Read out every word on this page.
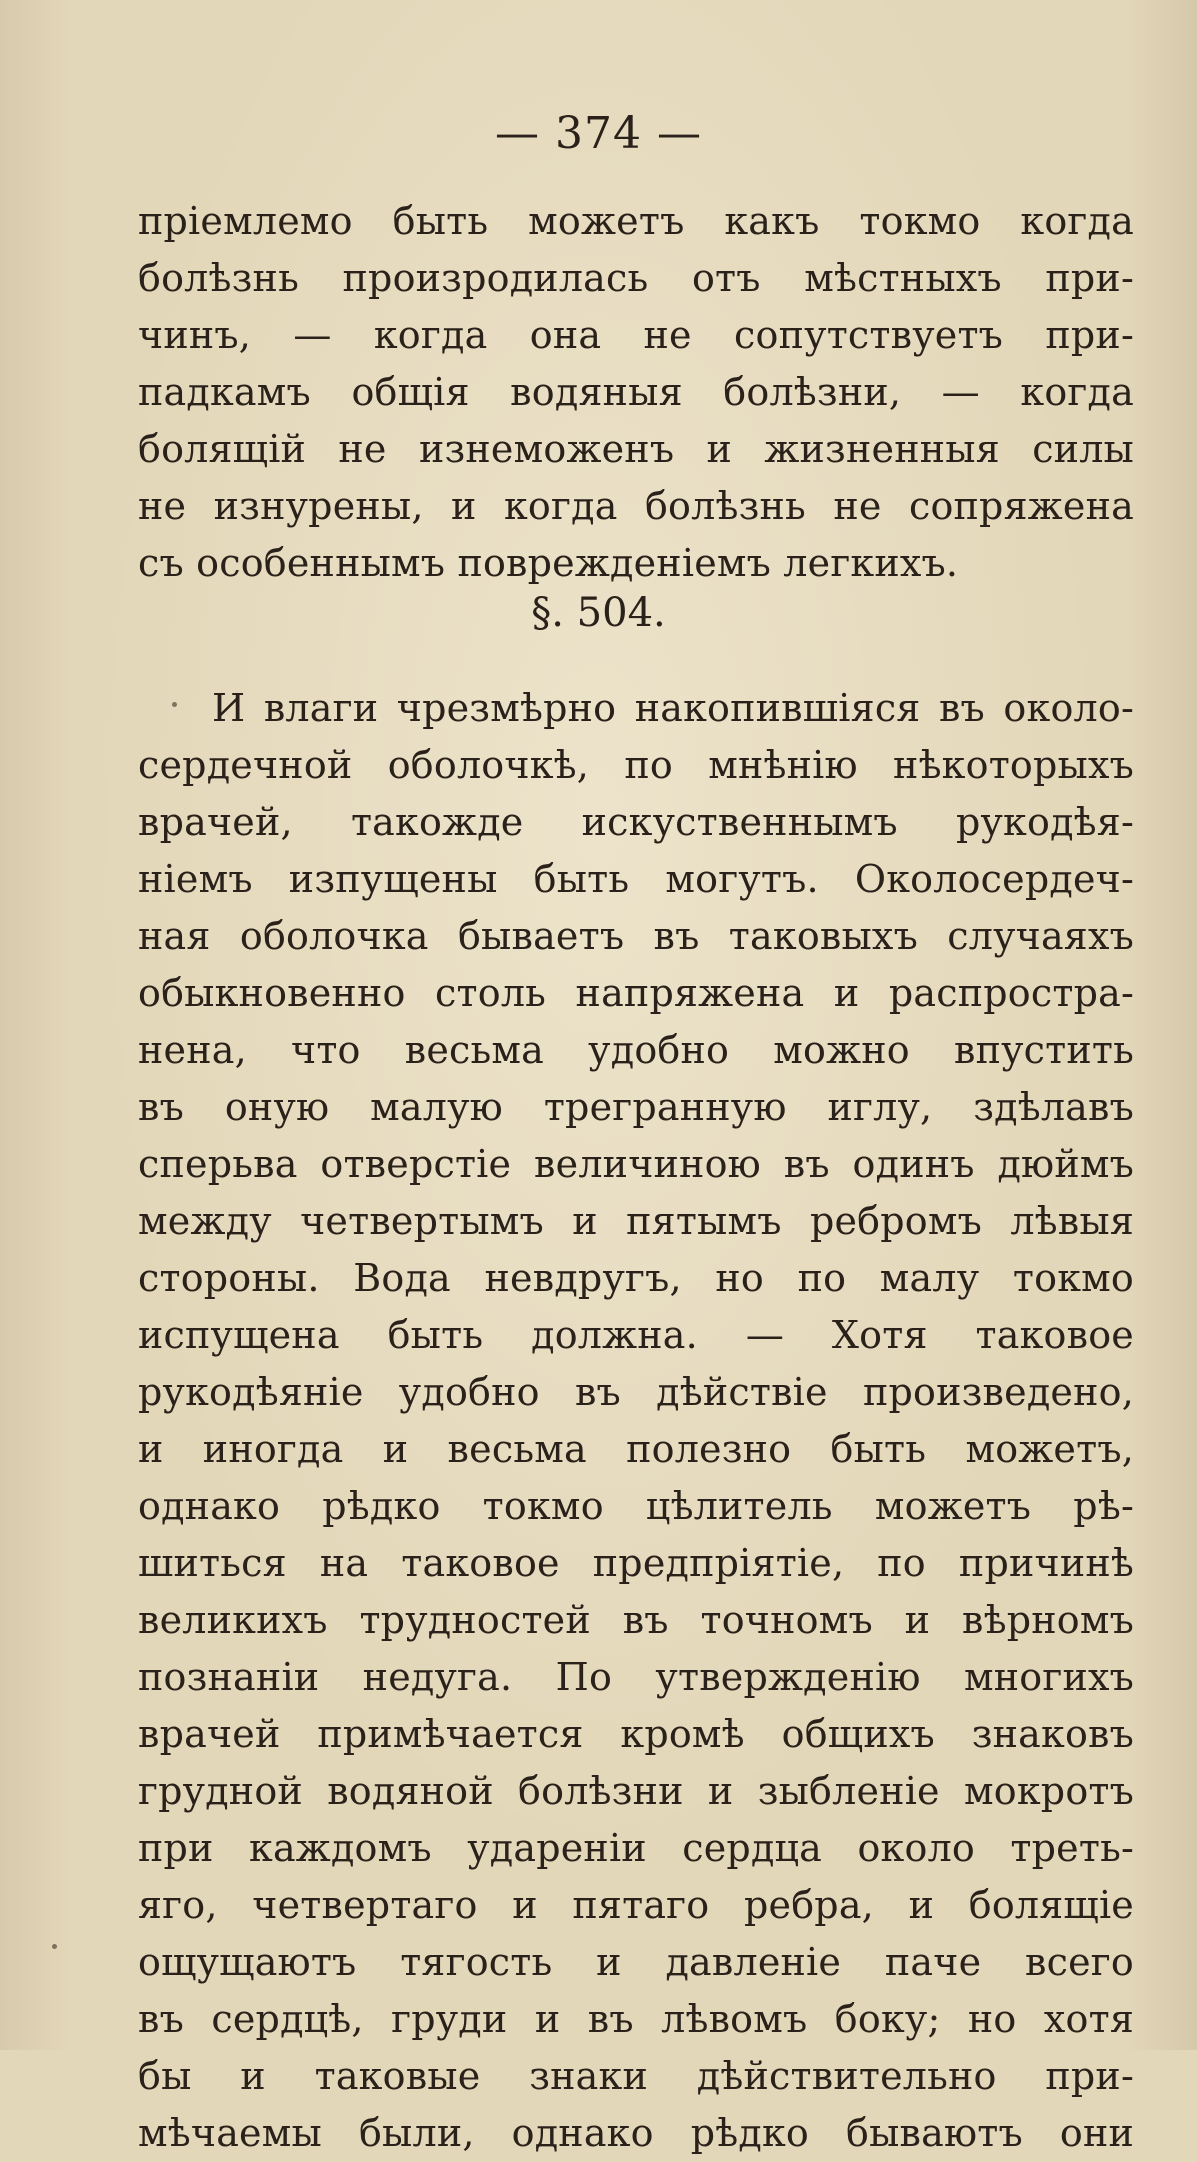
— 374 —
пріемлемо быть можетъ какъ токмо когда
болѣзнь произродилась отъ мѣстныхъ при-
чинъ, — когда она не сопутствуетъ при-
падкамъ общія водяныя болѣзни, — когда
болящій не изнеможенъ и жизненныя силы
не изнурены, и когда болѣзнь не сопряжена
съ особеннымъ поврежденіемъ легкихъ.
§. 504.
И влаги чрезмѣрно накопившіяся въ около-
сердечной оболочкѣ, по мнѣнію нѣкоторыхъ
врачей, такожде искуственнымъ рукодѣя-
ніемъ изпущены быть могутъ. Околосердеч-
ная оболочка бываетъ въ таковыхъ случаяхъ
обыкновенно столь напряжена и распростра-
нена, что весьма удобно можно впустить
въ оную малую трегранную иглу, здѣлавъ
сперьва отверстіе величиною въ одинъ дюймъ
между четвертымъ и пятымъ ребромъ лѣвыя
стороны. Вода невдругъ, но по малу токмо
испущена быть должна. — Хотя таковое
рукодѣяніе удобно въ дѣйствіе произведено,
и иногда и весьма полезно быть можетъ,
однако рѣдко токмо цѣлитель можетъ рѣ-
шиться на таковое предпріятіе, по причинѣ
великихъ трудностей въ точномъ и вѣрномъ
познаніи недуга. По утвержденію многихъ
врачей примѣчается кромѣ общихъ знаковъ
грудной водяной болѣзни и зыбленіе мокротъ
при каждомъ удареніи сердца около треть-
яго, четвертаго и пятаго ребра, и болящіе
ощущаютъ тягость и давленіе паче всего
въ сердцѣ, груди и въ лѣвомъ боку; но хотя
бы и таковые знаки дѣйствительно при-
мѣчаемы были, однако рѣдко бываютъ они
